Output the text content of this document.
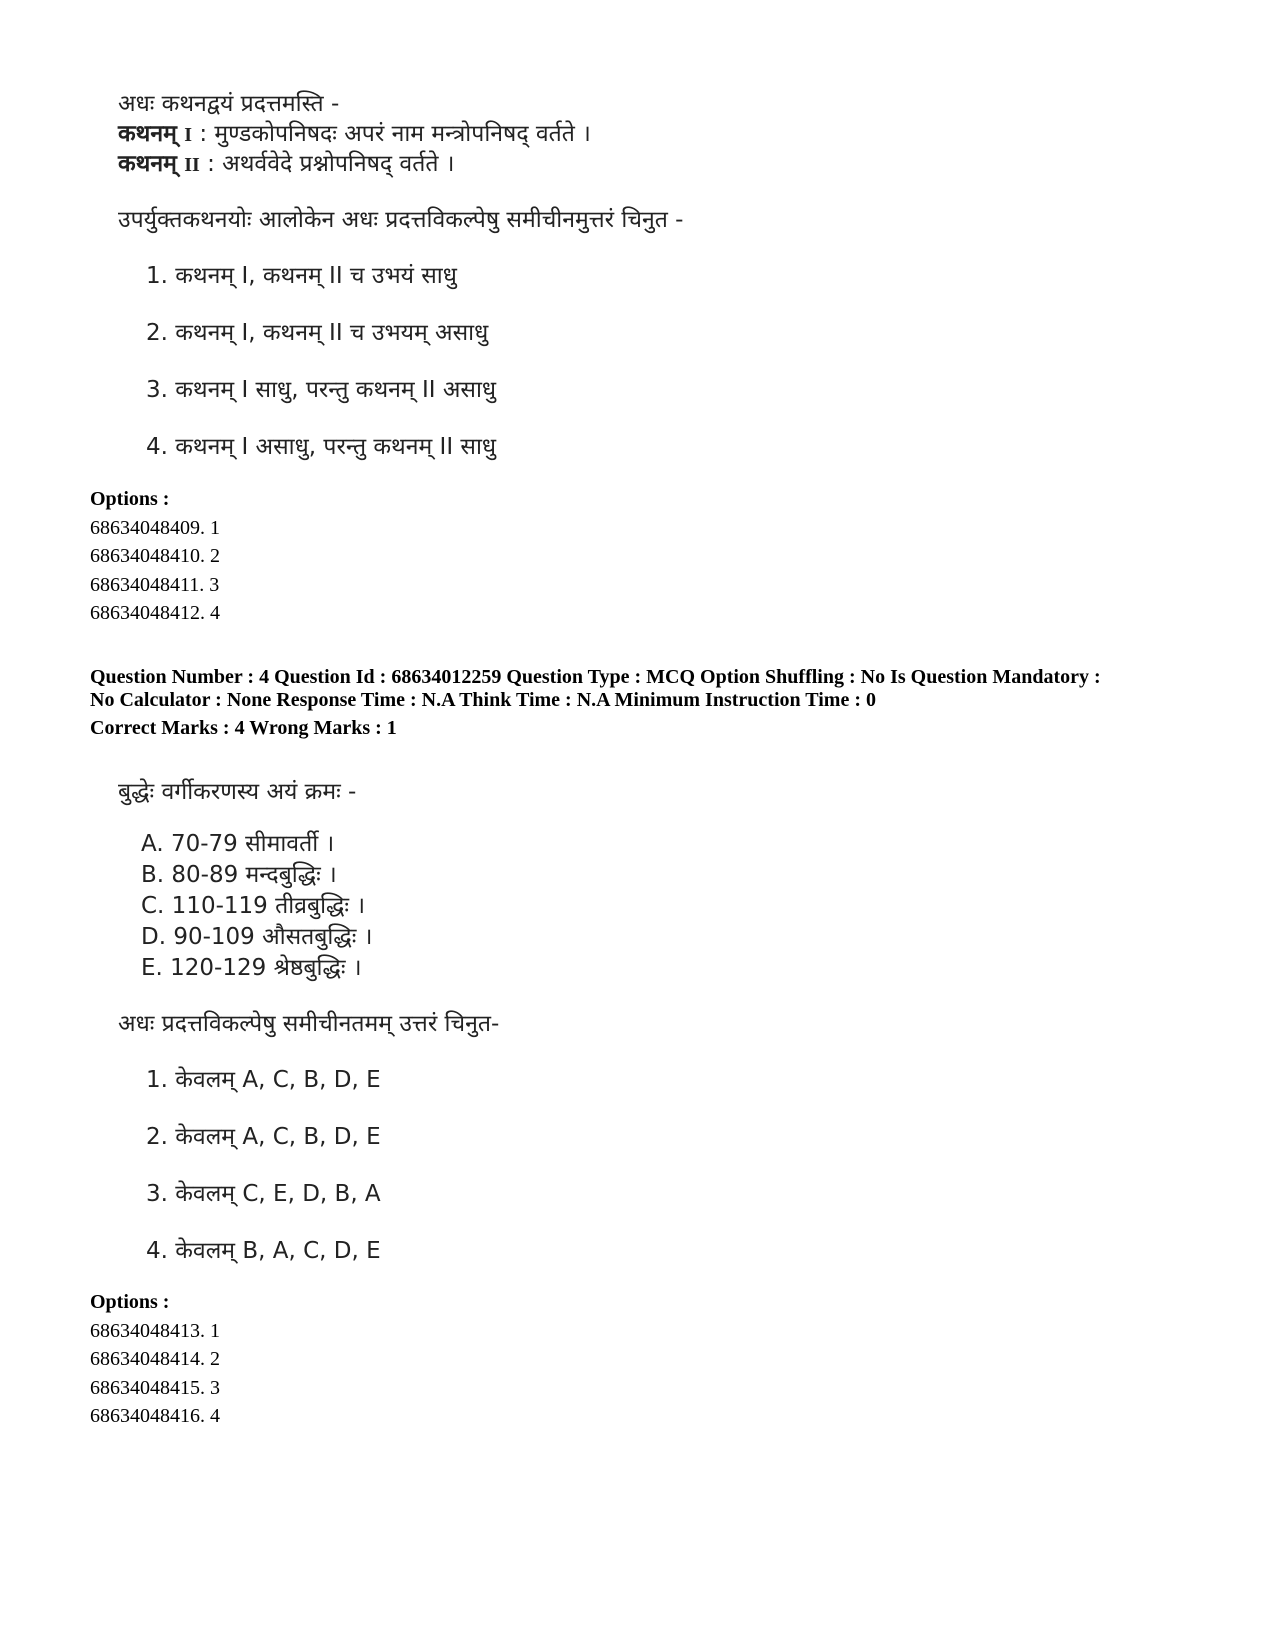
अधः कथनद्वयं प्रदत्तमस्ति -
कथनम् I : मुण्डकोपनिषदः अपरं नाम मन्त्रोपनिषद् वर्तते ।
कथनम् II : अथर्ववेदे प्रश्नोपनिषद् वर्तते ।
उपर्युक्तकथनयोः आलोकेन अधः प्रदत्तविकल्पेषु समीचीनमुत्तरं चिनुत -
1. कथनम् I, कथनम् II च उभयं साधु
2. कथनम् I, कथनम् II च उभयम् असाधु
3. कथनम् I साधु, परन्तु कथनम् II असाधु
4. कथनम् I असाधु, परन्तु कथनम् II साधु
Options :
68634048409. 1
68634048410. 2
68634048411. 3
68634048412. 4
Question Number : 4 Question Id : 68634012259 Question Type : MCQ Option Shuffling : No Is Question Mandatory :
No Calculator : None Response Time : N.A Think Time : N.A Minimum Instruction Time : 0
Correct Marks : 4 Wrong Marks : 1
बुद्धेः वर्गीकरणस्य अयं क्रमः -
A. 70-79 सीमावर्ती ।
B. 80-89 मन्दबुद्धिः ।
C. 110-119 तीव्रबुद्धिः ।
D. 90-109 औसतबुद्धिः ।
E. 120-129 श्रेष्ठबुद्धिः ।
अधः प्रदत्तविकल्पेषु समीचीनतमम् उत्तरं चिनुत-
1. केवलम् A, C, B, D, E
2. केवलम् A, C, B, D, E
3. केवलम् C, E, D, B, A
4. केवलम् B, A, C, D, E
Options :
68634048413. 1
68634048414. 2
68634048415. 3
68634048416. 4
